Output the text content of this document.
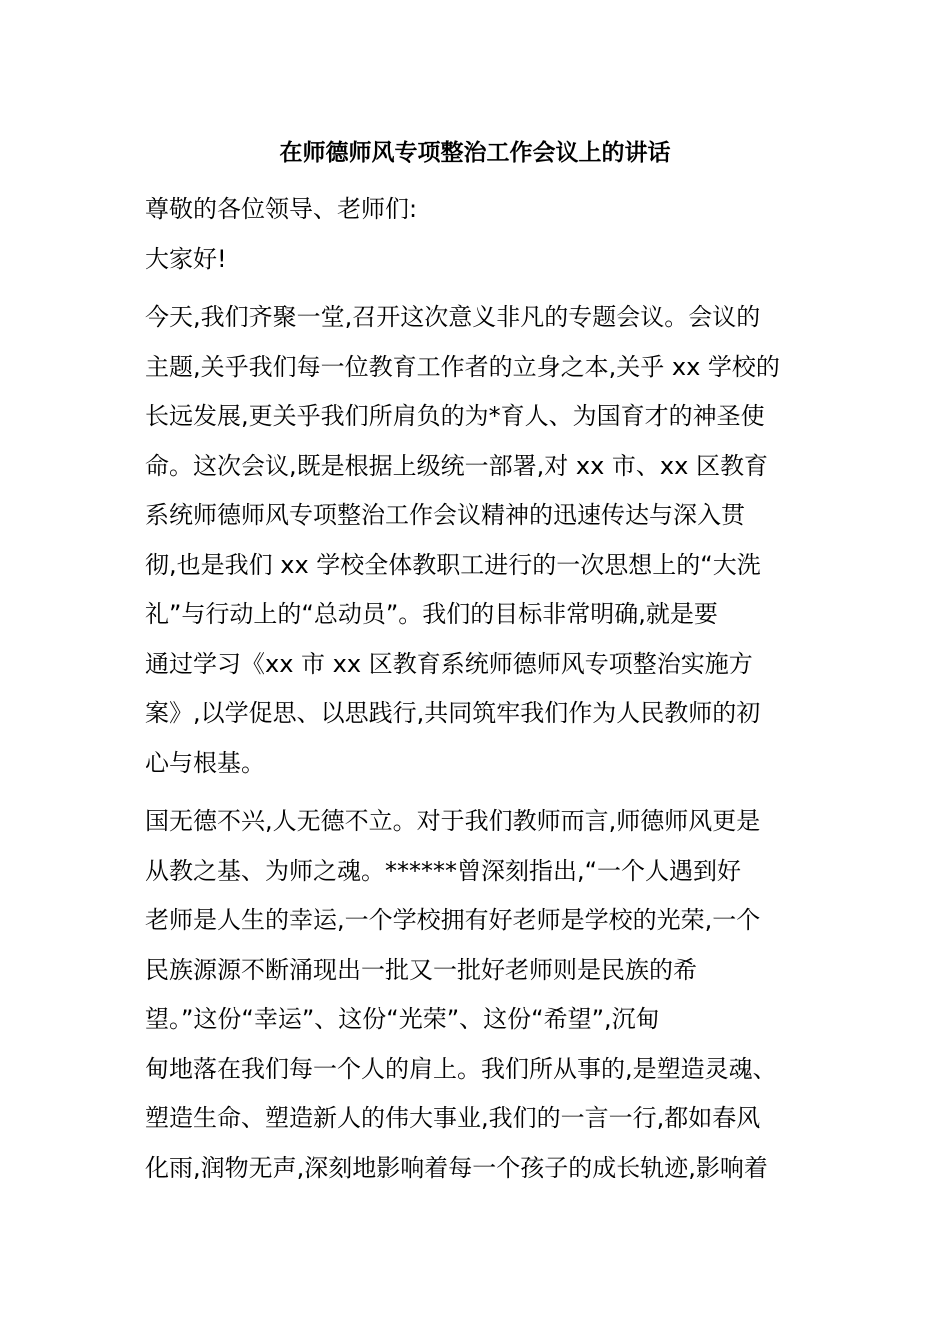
在师德师风专项整治工作会议上的讲话

尊敬的各位领导、老师们:

大家好!

今天,我们齐聚一堂,召开这次意义非凡的专题会议。会议的
主题,关乎我们每一位教育工作者的立身之本,关乎 xx 学校的
长远发展,更关乎我们所肩负的为*育人、为国育才的神圣使
命。这次会议,既是根据上级统一部署,对 xx 市、xx 区教育
系统师德师风专项整治工作会议精神的迅速传达与深入贯
彻,也是我们 xx 学校全体教职工进行的一次思想上的“大洗
礼”与行动上的“总动员”。我们的目标非常明确,就是要
通过学习《xx 市 xx 区教育系统师德师风专项整治实施方
案》,以学促思、以思践行,共同筑牢我们作为人民教师的初
心与根基。

国无德不兴,人无德不立。对于我们教师而言,师德师风更是
从教之基、为师之魂。******曾深刻指出,“一个人遇到好
老师是人生的幸运,一个学校拥有好老师是学校的光荣,一个
民族源源不断涌现出一批又一批好老师则是民族的希
望。”这份“幸运”、这份“光荣”、这份“希望”,沉甸
甸地落在我们每一个人的肩上。我们所从事的,是塑造灵魂、
塑造生命、塑造新人的伟大事业,我们的一言一行,都如春风
化雨,润物无声,深刻地影响着每一个孩子的成长轨迹,影响着
